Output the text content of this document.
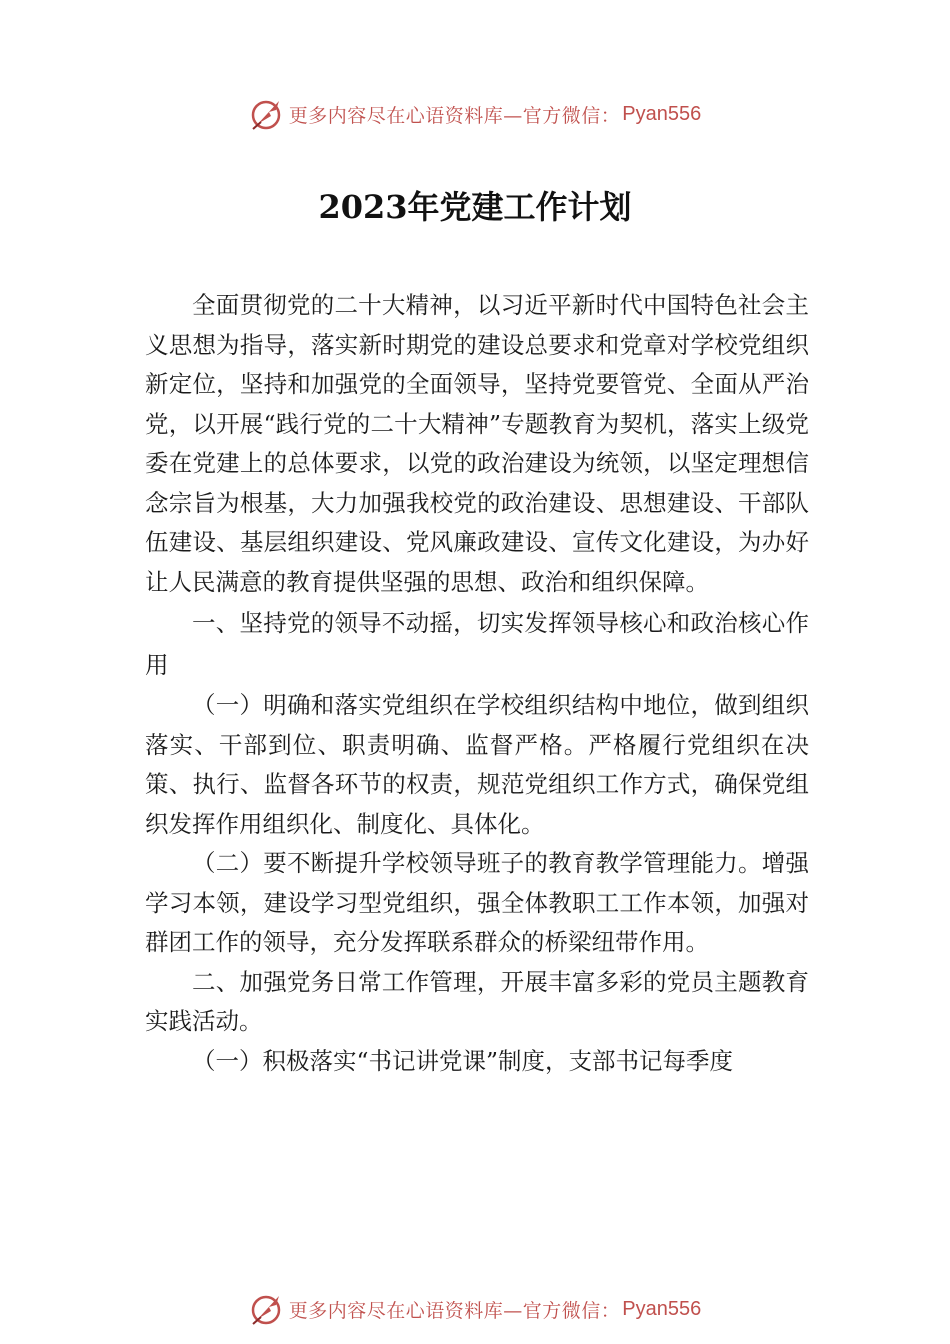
更多内容尽在心语资料库—官方微信： Pyan556
2023年党建工作计划

全面贯彻党的二十大精神，以习近平新时代中国特色社会主义思想为指导，落实新时期党的建设总要求和党章对学校党组织新定位，坚持和加强党的全面领导，坚持党要管党、全面从严治党，以开展“践行党的二十大精神”专题教育为契机，落实上级党委在党建上的总体要求，以党的政治建设为统领，以坚定理想信念宗旨为根基，大力加强我校党的政治建设、思想建设、干部队伍建设、基层组织建设、党风廉政建设、宣传文化建设，为办好让人民满意的教育提供坚强的思想、政治和组织保障。

一、坚持党的领导不动摇，切实发挥领导核心和政治核心作用

（一）明确和落实党组织在学校组织结构中地位，做到组织落实、干部到位、职责明确、监督严格。严格履行党组织在决策、执行、监督各环节的权责，规范党组织工作方式，确保党组织发挥作用组织化、制度化、具体化。

（二）要不断提升学校领导班子的教育教学管理能力。增强学习本领，建设学习型党组织，强全体教职工工作本领，加强对群团工作的领导，充分发挥联系群众的桥梁纽带作用。

二、加强党务日常工作管理，开展丰富多彩的党员主题教育实践活动。

（一）积极落实“书记讲党课”制度，支部书记每季度

更多内容尽在心语资料库—官方微信： Pyan556
